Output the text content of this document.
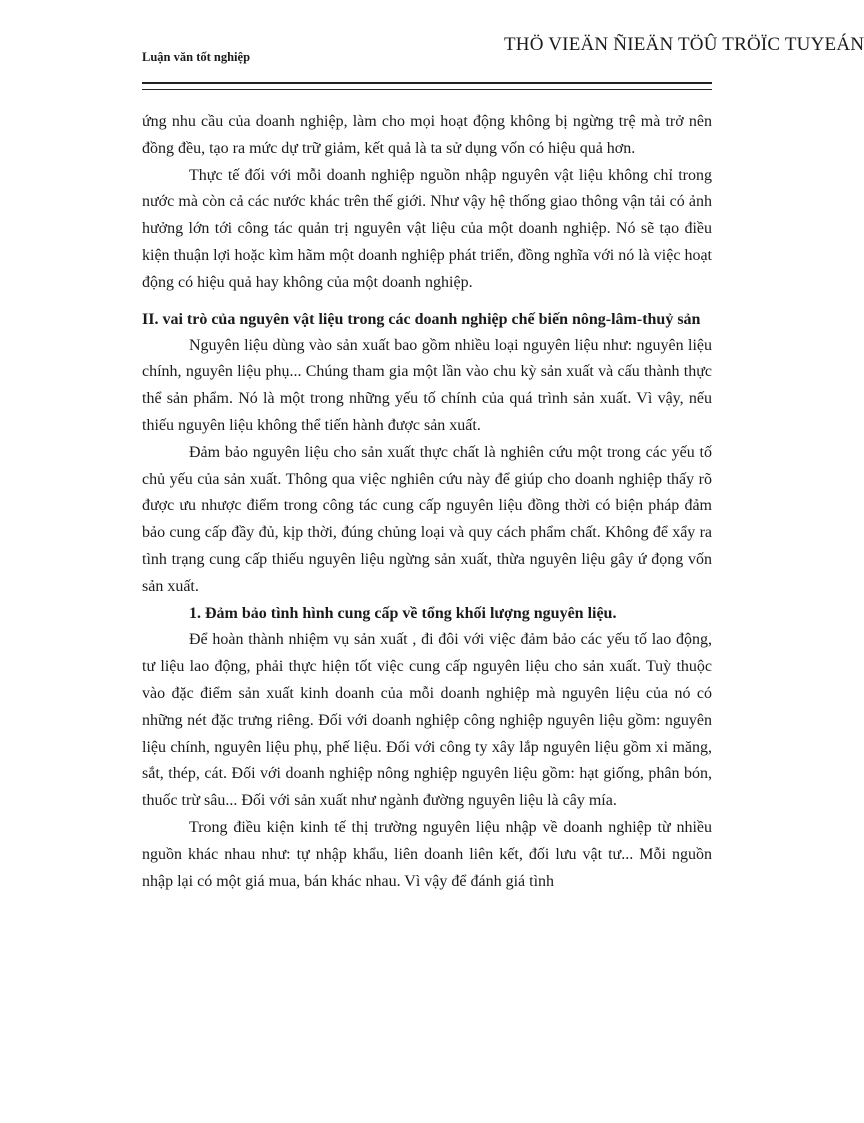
Luận văn tốt nghiệp
THÖ VIEÄN ÑIEÄN TÖÛ TRÖÏC TUYEÁN

ứng nhu cầu của doanh nghiệp, làm cho mọi hoạt động không bị ngừng trệ mà trở nên đồng đều, tạo ra mức dự trữ giảm, kết quả là ta sử dụng vốn có hiệu quả hơn.

Thực tế đối với mỗi doanh nghiệp nguồn nhập nguyên vật liệu không chỉ trong nước mà còn cả các nước khác trên thế giới. Như vậy hệ thống giao thông vận tải có ảnh hưởng lớn tới công tác quản trị nguyên vật liệu của một doanh nghiệp. Nó sẽ tạo điều kiện thuận lợi hoặc kìm hãm một doanh nghiệp phát triển, đồng nghĩa với nó là việc hoạt động có hiệu quả hay không của một doanh nghiệp.

II. vai trò của nguyên vật liệu trong các doanh nghiệp chế biến nông-lâm-thuỷ sản

Nguyên liệu dùng vào sản xuất bao gồm nhiều loại nguyên liệu như: nguyên liệu chính, nguyên liệu phụ... Chúng tham gia một lần vào chu kỳ sản xuất và cấu thành thực thể sản phẩm. Nó là một trong những yếu tố chính của quá trình sản xuất. Vì vậy, nếu thiếu nguyên liệu không thể tiến hành được sản xuất.

Đảm bảo nguyên liệu cho sản xuất thực chất là nghiên cứu một trong các yếu tố chủ yếu của sản xuất. Thông qua việc nghiên cứu này để giúp cho doanh nghiệp thấy rõ được ưu nhược điểm trong công tác cung cấp nguyên liệu đồng thời có biện pháp đảm bảo cung cấp đầy đủ, kịp thời, đúng chủng loại và quy cách phẩm chất. Không để xẩy ra tình trạng cung cấp thiếu nguyên liệu ngừng sản xuất, thừa nguyên liệu gây ứ đọng vốn sản xuất.

1. Đảm bảo tình hình cung cấp về tổng khối lượng nguyên liệu.

Để hoàn thành nhiệm vụ sản xuất , đi đôi với việc đảm bảo các yếu tố lao động, tư liệu lao động, phải thực hiện tốt việc cung cấp nguyên liệu cho sản xuất. Tuỳ thuộc vào đặc điểm sản xuất kinh doanh của mỗi doanh nghiệp mà nguyên liệu của nó có những nét đặc trưng riêng. Đối với doanh nghiệp công nghiệp nguyên liệu gồm: nguyên liệu chính, nguyên liệu phụ, phế liệu. Đối với công ty xây lắp nguyên liệu gồm xi măng, sắt, thép, cát. Đối với doanh nghiệp nông nghiệp nguyên liệu gồm: hạt giống, phân bón, thuốc trừ sâu... Đối với sản xuất như ngành đường nguyên liệu là cây mía.

Trong điều kiện kinh tế thị trường nguyên liệu nhập về doanh nghiệp từ nhiều nguồn khác nhau như: tự nhập khẩu, liên doanh liên kết, đối lưu vật tư... Mỗi nguồn nhập lại có một giá mua, bán khác nhau. Vì vậy để đánh giá tình
